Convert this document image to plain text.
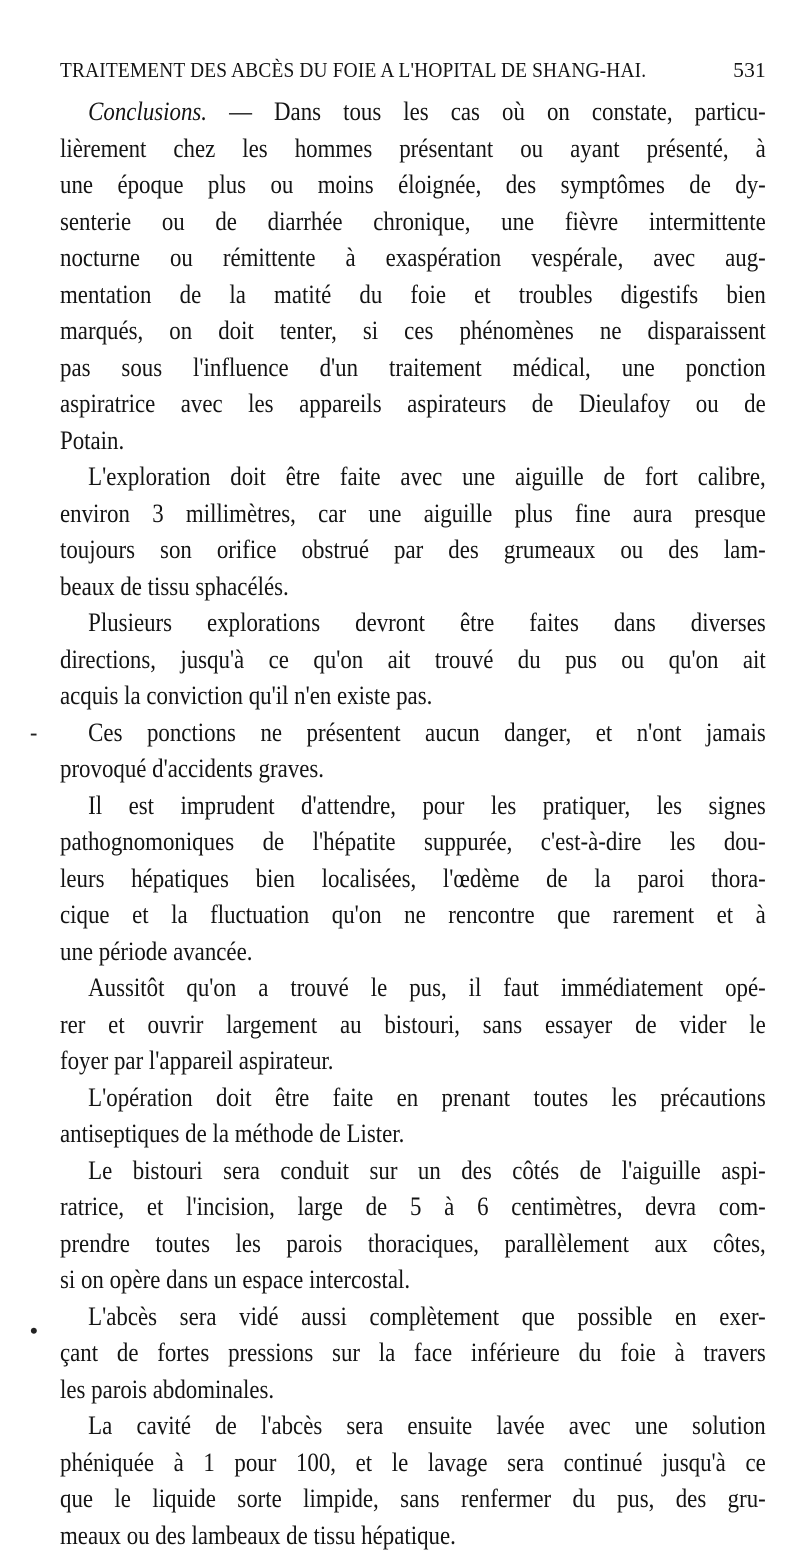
TRAITEMENT DES ABCÈS DU FOIE A L'HOPITAL DE SHANG-HAI.	531
-
•
Conclusions. — Dans tous les cas où on constate, particu-
lièrement chez les hommes présentant ou ayant présenté, à
une époque plus ou moins éloignée, des symptômes de dy-
senterie ou de diarrhée chronique, une fièvre intermittente
nocturne ou rémittente à exaspération vespérale, avec aug-
mentation de la matité du foie et troubles digestifs bien
marqués, on doit tenter, si ces phénomènes ne disparaissent
pas sous l'influence d'un traitement médical, une ponction
aspiratrice avec les appareils aspirateurs de Dieulafoy ou de
Potain.
L'exploration doit être faite avec une aiguille de fort calibre,
environ 3 millimètres, car une aiguille plus fine aura presque
toujours son orifice obstrué par des grumeaux ou des lam-
beaux de tissu sphacélés.
Plusieurs explorations devront être faites dans diverses
directions, jusqu'à ce qu'on ait trouvé du pus ou qu'on ait
acquis la conviction qu'il n'en existe pas.
Ces ponctions ne présentent aucun danger, et n'ont jamais
provoqué d'accidents graves.
Il est imprudent d'attendre, pour les pratiquer, les signes
pathognomoniques de l'hépatite suppurée, c'est-à-dire les dou-
leurs hépatiques bien localisées, l'œdème de la paroi thora-
cique et la fluctuation qu'on ne rencontre que rarement et à
une période avancée.
Aussitôt qu'on a trouvé le pus, il faut immédiatement opé-
rer et ouvrir largement au bistouri, sans essayer de vider le
foyer par l'appareil aspirateur.
L'opération doit être faite en prenant toutes les précautions
antiseptiques de la méthode de Lister.
Le bistouri sera conduit sur un des côtés de l'aiguille aspi-
ratrice, et l'incision, large de 5 à 6 centimètres, devra com-
prendre toutes les parois thoraciques, parallèlement aux côtes,
si on opère dans un espace intercostal.
L'abcès sera vidé aussi complètement que possible en exer-
çant de fortes pressions sur la face inférieure du foie à travers
les parois abdominales.
La cavité de l'abcès sera ensuite lavée avec une solution
phéniquée à 1 pour 100, et le lavage sera continué jusqu'à ce
que le liquide sorte limpide, sans renfermer du pus, des gru-
meaux ou des lambeaux de tissu hépatique.
